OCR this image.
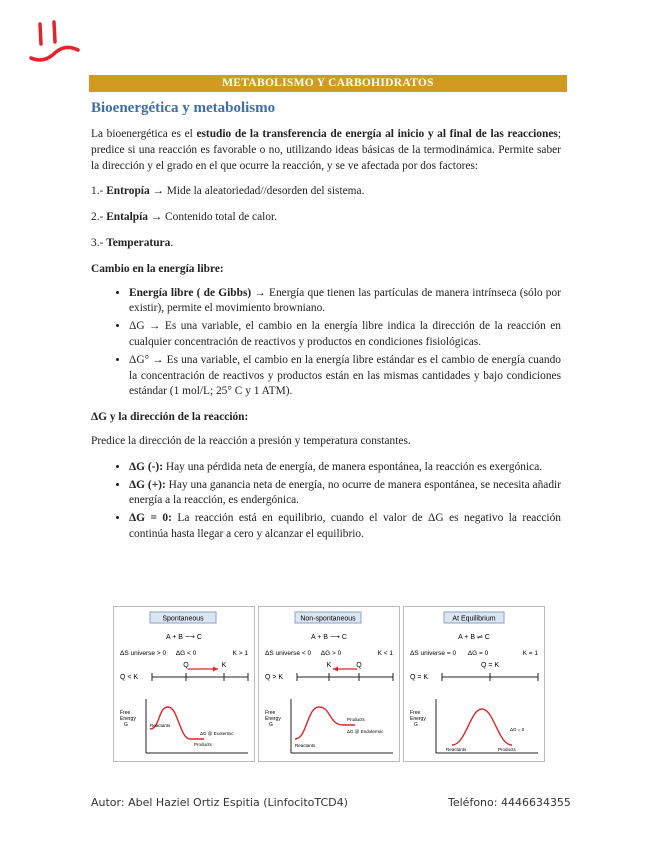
METABOLISMO Y CARBOHIDRATOS
Bioenergética y metabolismo

La bioenergética es el estudio de la transferencia de energía al inicio y al final de las reacciones; predice si una reacción es favorable o no, utilizando ideas básicas de la termodinámica. Permite saber la dirección y el grado en el que ocurre la reacción, y se ve afectada por dos factores:

1.- Entropía → Mide la aleatoriedad//desorden del sistema.

2.- Entalpía → Contenido total de calor.

3.- Temperatura.

Cambio en la energía libre:

• Energía libre ( de Gibbs) → Energía que tienen las partículas de manera intrínseca (sólo por existir), permite el movimiento browniano.
• ΔG → Es una variable, el cambio en la energía libre indica la dirección de la reacción en cualquier concentración de reactivos y productos en condiciones fisiológicas.
• ΔG° → Es una variable, el cambio en la energía libre estándar es el cambio de energía cuando la concentración de reactivos y productos están en las mismas cantidades y bajo condiciones estándar (1 mol/L; 25° C y 1 ATM).

ΔG y la dirección de la reacción:

Predice la dirección de la reacción a presión y temperatura constantes.

• ΔG (-): Hay una pérdida neta de energía, de manera espontánea, la reacción es exergónica.
• ΔG (+): Hay una ganancia neta de energía, no ocurre de manera espontánea, se necesita añadir energía a la reacción, es endergónica.
• ΔG = 0: La reacción está en equilibrio, cuando el valor de ΔG es negativo la reacción continúa hasta llegar a cero y alcanzar el equilibrio.
Spontaneous
A + B ⟶ C
ΔS universe > 0 ΔG < 0	K > 1
Q < K
Q	K
Free
Energy
G	Reactants
Products
ΔG @ Exotermic
Non-spontaneous
A + B ⟶ C
ΔS universe < 0 ΔG > 0	K < 1
Q > K
K	Q
Free
Energy
G
Reactants
Products
ΔG @ Endotermic
At Equilibrium
A + B ⇌ C
ΔS universe = 0 ΔG = 0	K = 1
Q = K
Q = K
Free
Energy
G
Reactants	Products
ΔG = 0
Autor: Abel Haziel Ortiz Espitia (LinfocitoTCD4)	Teléfono: 4446634355
